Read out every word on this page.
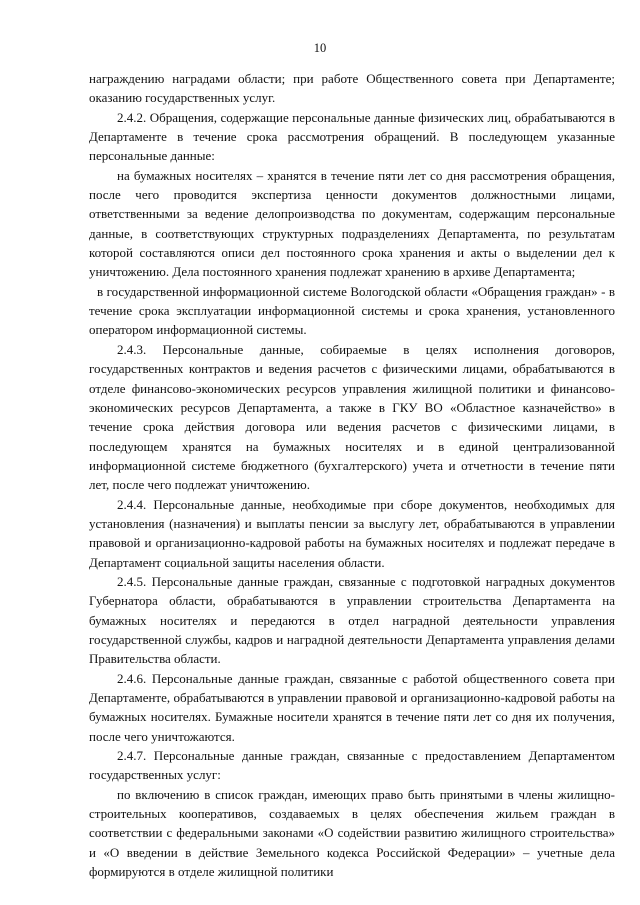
10

награждению наградами области; при работе Общественного совета при Департаменте; оказанию государственных услуг.

2.4.2. Обращения, содержащие персональные данные физических лиц, обрабатываются в Департаменте в течение срока рассмотрения обращений. В последующем указанные персональные данные:

на бумажных носителях – хранятся в течение пяти лет со дня рассмотрения обращения, после чего проводится экспертиза ценности документов должностными лицами, ответственными за ведение делопроизводства по документам, содержащим персональные данные, в соответствующих структурных подразделениях Департамента, по результатам которой составляются описи дел постоянного срока хранения и акты о выделении дел к уничтожению. Дела постоянного хранения подлежат хранению в архиве Департамента;

в государственной информационной системе Вологодской области «Обращения граждан» - в течение срока эксплуатации информационной системы и срока хранения, установленного оператором информационной системы.

2.4.3. Персональные данные, собираемые в целях исполнения договоров, государственных контрактов и ведения расчетов с физическими лицами, обрабатываются в отделе финансово-экономических ресурсов управления жилищной политики и финансово-экономических ресурсов Департамента, а также в ГКУ ВО «Областное казначейство» в течение срока действия договора или ведения расчетов с физическими лицами, в последующем хранятся на бумажных носителях и в единой централизованной информационной системе бюджетного (бухгалтерского) учета и отчетности в течение пяти лет, после чего подлежат уничтожению.

2.4.4. Персональные данные, необходимые при сборе документов, необходимых для установления (назначения) и выплаты пенсии за выслугу лет, обрабатываются в управлении правовой и организационно-кадровой работы на бумажных носителях и подлежат передаче в Департамент социальной защиты населения области.

2.4.5. Персональные данные граждан, связанные с подготовкой наградных документов Губернатора области, обрабатываются в управлении строительства Департамента на бумажных носителях и передаются в отдел наградной деятельности управления государственной службы, кадров и наградной деятельности Департамента управления делами Правительства области.

2.4.6. Персональные данные граждан, связанные с работой общественного совета при Департаменте, обрабатываются в управлении правовой и организационно-кадровой работы на бумажных носителях. Бумажные носители хранятся в течение пяти лет со дня их получения, после чего уничтожаются.

2.4.7. Персональные данные граждан, связанные с предоставлением Департаментом государственных услуг:

по включению в список граждан, имеющих право быть принятыми в члены жилищно-строительных кооперативов, создаваемых в целях обеспечения жильем граждан в соответствии с федеральными законами «О содействии развитию жилищного строительства» и «О введении в действие Земельного кодекса Российской Федерации» – учетные дела формируются в отделе жилищной политики
